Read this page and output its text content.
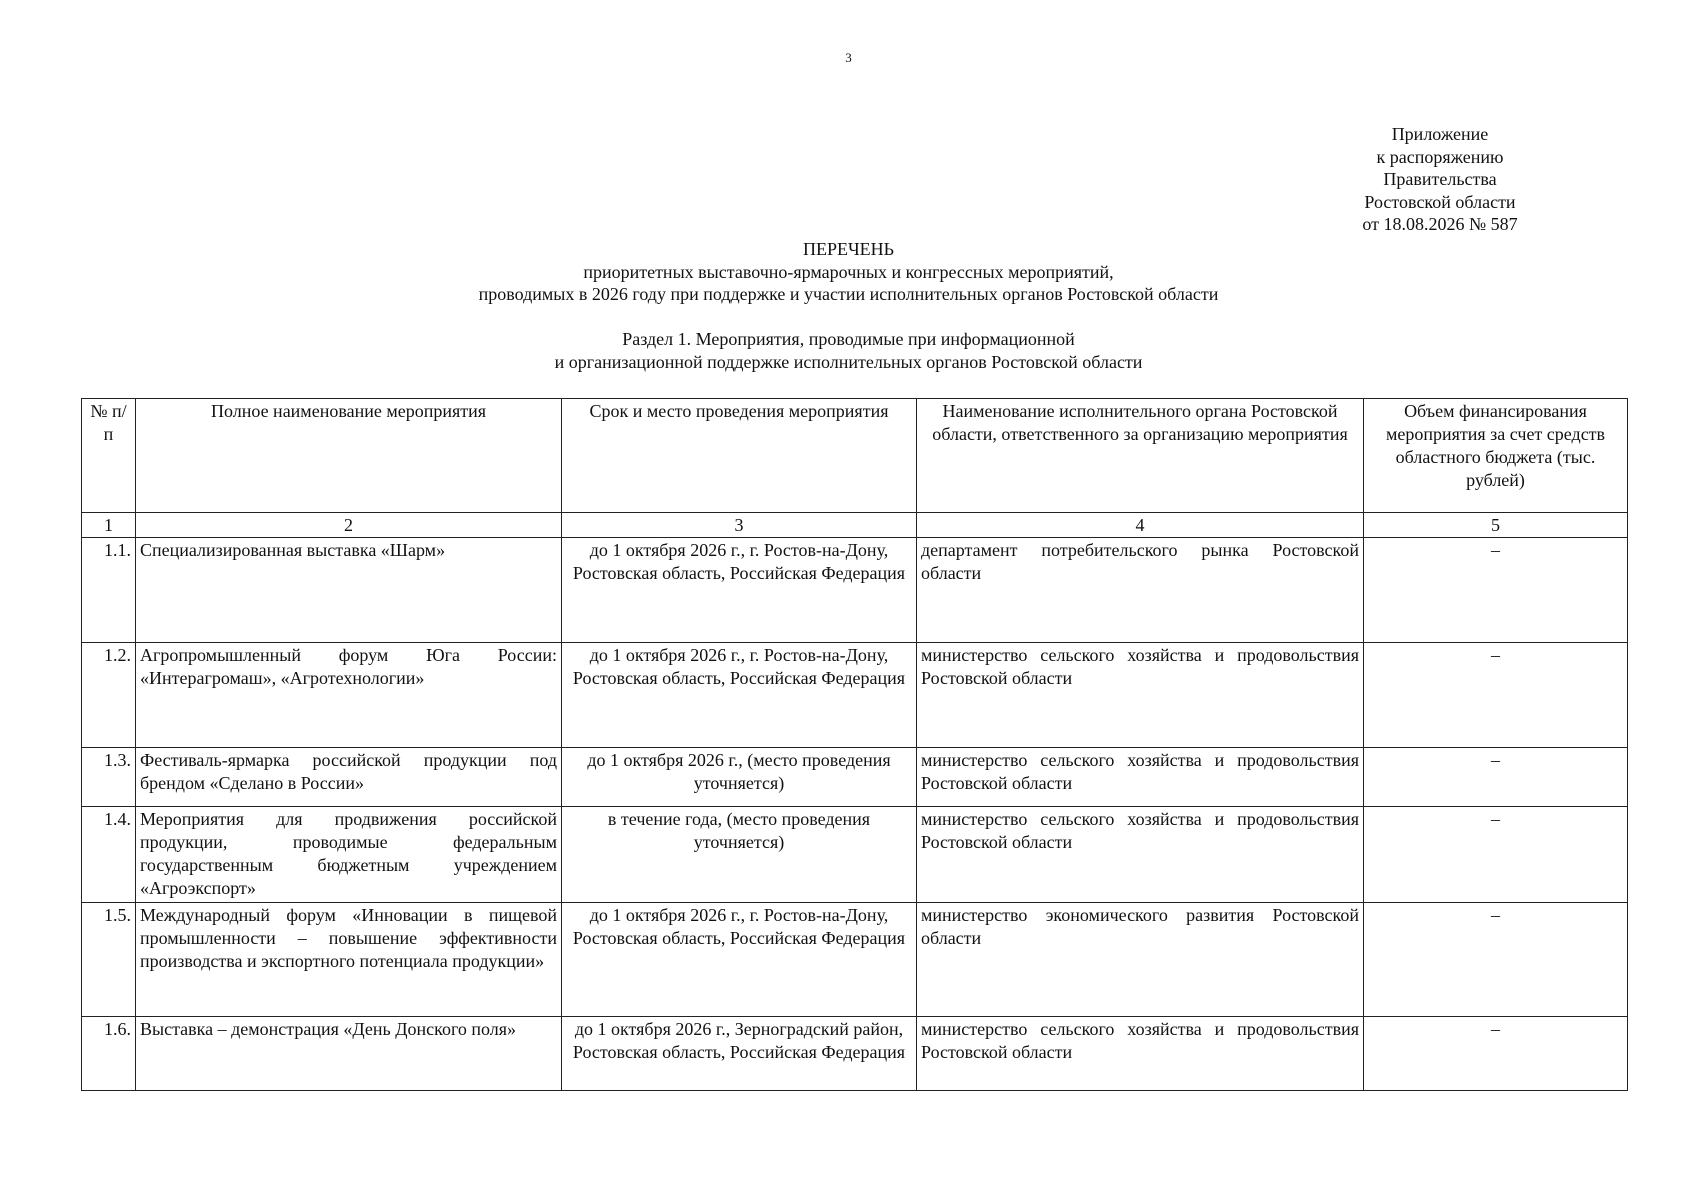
3
Приложение
к распоряжению
Правительства
Ростовской области
от 18.08.2026 № 587
ПЕРЕЧЕНЬ
приоритетных выставочно-ярмарочных и конгрессных мероприятий,
проводимых в 2026 году при поддержке и участии исполнительных органов Ростовской области
Раздел 1. Мероприятия, проводимые при информационной
и организационной поддержке исполнительных органов Ростовской области
№ п/п	Полное наименование мероприятия	Срок и место проведения мероприятия	Наименование исполнительного органа Ростовской области, ответственного за организацию мероприятия	Объем финансирования мероприятия за счет средств областного бюджета (тыс. рублей)
1	2	3	4	5
1.1.	Специализированная выставка «Шарм»	до 1 октября 2026 г., г. Ростов-на-Дону, Ростовская область, Российская Федерация	департамент потребительского рынка Ростовской области	–
1.2.	Агропромышленный форум Юга России: «Интерагромаш», «Агротехнологии»	до 1 октября 2026 г., г. Ростов-на-Дону, Ростовская область, Российская Федерация	министерство сельского хозяйства и продовольствия Ростовской области	–
1.3.	Фестиваль-ярмарка российской продукции под брендом «Сделано в России»	до 1 октября 2026 г., (место проведения уточняется)	министерство сельского хозяйства и продовольствия Ростовской области	–
1.4.	Мероприятия для продвижения российской продукции, проводимые федеральным государственным бюджетным учреждением «Агроэкспорт»	в течение года, (место проведения уточняется)	министерство сельского хозяйства и продовольствия Ростовской области	–
1.5.	Международный форум «Инновации в пищевой промышленности – повышение эффективности производства и экспортного потенциала продукции»	до 1 октября 2026 г., г. Ростов-на-Дону, Ростовская область, Российская Федерация	министерство экономического развития Ростовской области	–
1.6.	Выставка – демонстрация «День Донского поля»	до 1 октября 2026 г., Зерноградский район, Ростовская область, Российская Федерация	министерство сельского хозяйства и продовольствия Ростовской области	–
